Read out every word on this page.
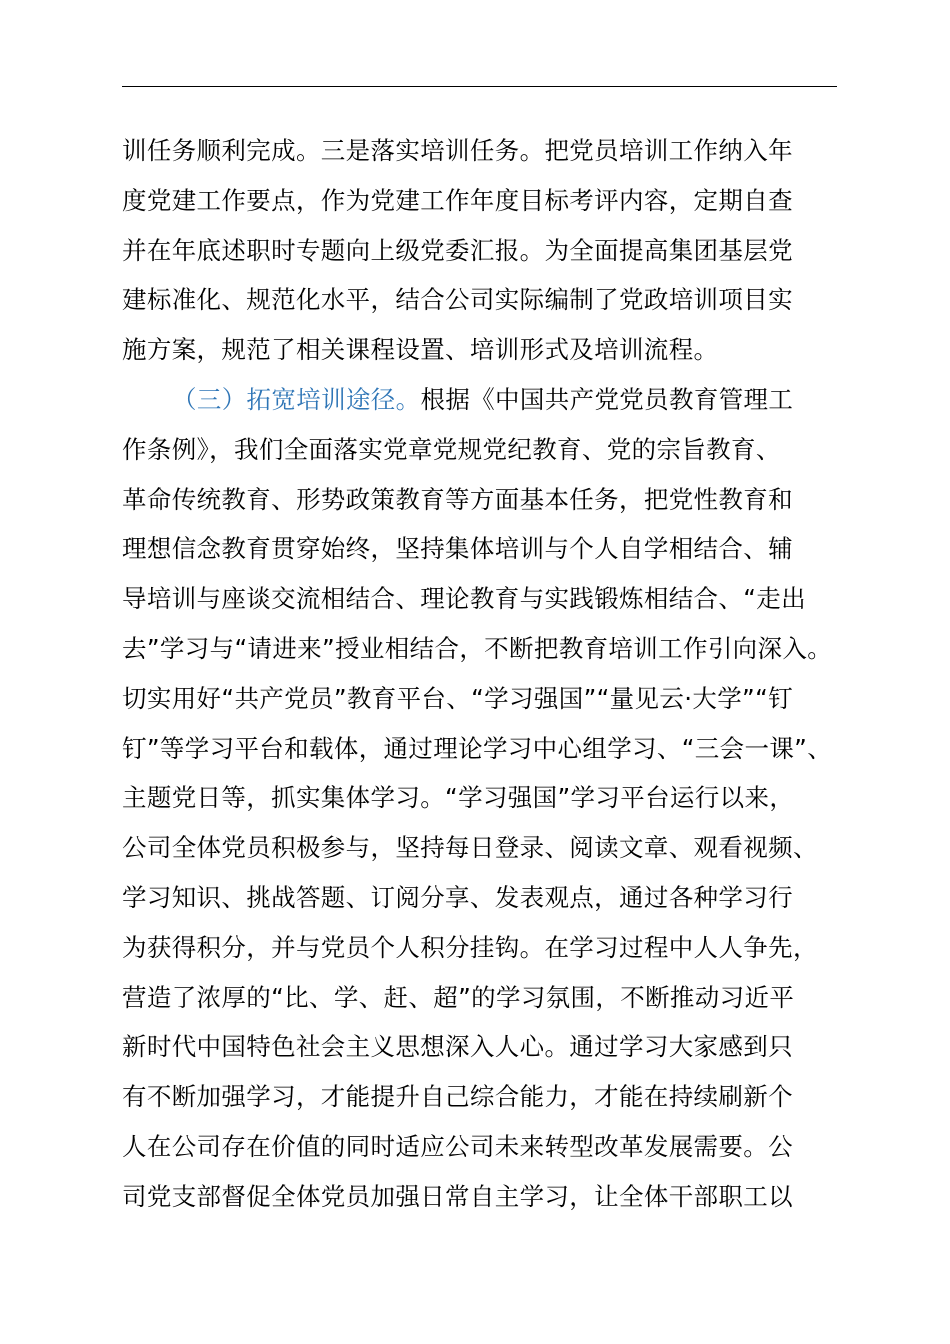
训任务顺利完成。三是落实培训任务。把党员培训工作纳入年
度党建工作要点，作为党建工作年度目标考评内容，定期自查
并在年底述职时专题向上级党委汇报。为全面提高集团基层党
建标准化、规范化水平，结合公司实际编制了党政培训项目实
施方案，规范了相关课程设置、培训形式及培训流程。
（三）拓宽培训途径。根据《中国共产党党员教育管理工
作条例》，我们全面落实党章党规党纪教育、党的宗旨教育、
革命传统教育、形势政策教育等方面基本任务，把党性教育和
理想信念教育贯穿始终，坚持集体培训与个人自学相结合、辅
导培训与座谈交流相结合、理论教育与实践锻炼相结合、“走出
去”学习与“请进来”授业相结合，不断把教育培训工作引向深入。
切实用好“共产党员”教育平台、“学习强国”“量见云·大学”“钉
钉”等学习平台和载体，通过理论学习中心组学习、“三会一课”、
主题党日等，抓实集体学习。“学习强国”学习平台运行以来，
公司全体党员积极参与，坚持每日登录、阅读文章、观看视频、
学习知识、挑战答题、订阅分享、发表观点，通过各种学习行
为获得积分，并与党员个人积分挂钩。在学习过程中人人争先，
营造了浓厚的“比、学、赶、超”的学习氛围，不断推动习近平
新时代中国特色社会主义思想深入人心。通过学习大家感到只
有不断加强学习，才能提升自己综合能力，才能在持续刷新个
人在公司存在价值的同时适应公司未来转型改革发展需要。公
司党支部督促全体党员加强日常自主学习，让全体干部职工以
